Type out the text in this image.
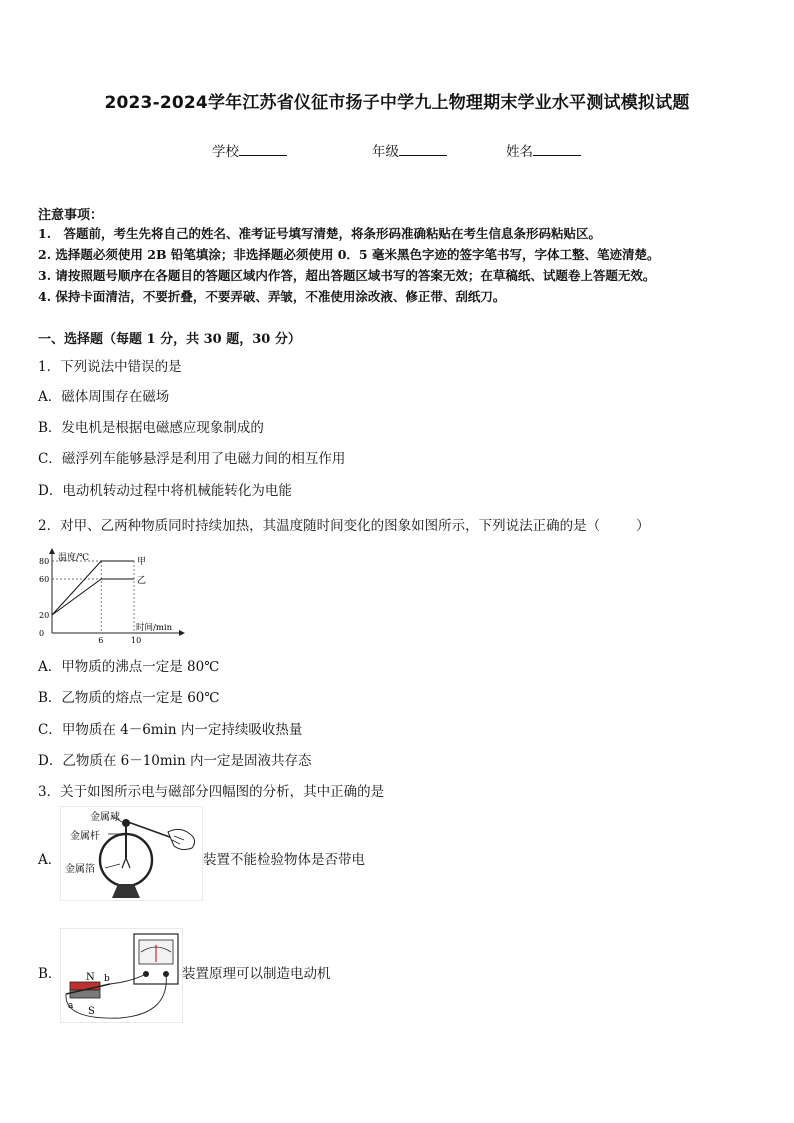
2023-2024学年江苏省仪征市扬子中学九上物理期末学业水平测试模拟试题
学校	年级	姓名
注意事项：
1.　答题前，考生先将自己的姓名、准考证号填写清楚，将条形码准确粘贴在考生信息条形码粘贴区。
2. 选择题必须使用 2B 铅笔填涂；非选择题必须使用 0．5 毫米黑色字迹的签字笔书写，字体工整、笔迹清楚。
3. 请按照题号顺序在各题目的答题区域内作答，超出答题区域书写的答案无效；在草稿纸、试题卷上答题无效。
4. 保持卡面清洁，不要折叠，不要弄破、弄皱，不准使用涂改液、修正带、刮纸刀。
一、选择题（每题 1 分，共 30 题，30 分）
1．下列说法中错误的是
A．磁体周围存在磁场
B．发电机是根据电磁感应现象制成的
C．磁浮列车能够悬浮是利用了电磁力间的相互作用
D．电动机转动过程中将机械能转化为电能
2．对甲、乙两种物质同时持续加热，其温度随时间变化的图象如图所示，下列说法正确的是（	）
温度/℃
时间/min
80
60
20
0
6	10
甲
乙
A．甲物质的沸点一定是 80℃
B．乙物质的熔点一定是 60℃
C．甲物质在 4－6min 内一定持续吸收热量
D．乙物质在 6－10min 内一定是固液共存态
3．关于如图所示电与磁部分四幅图的分析，其中正确的是
A．
金属球
金属杆
金属箔
装置不能检验物体是否带电
B． N b
a S
装置原理可以制造电动机
